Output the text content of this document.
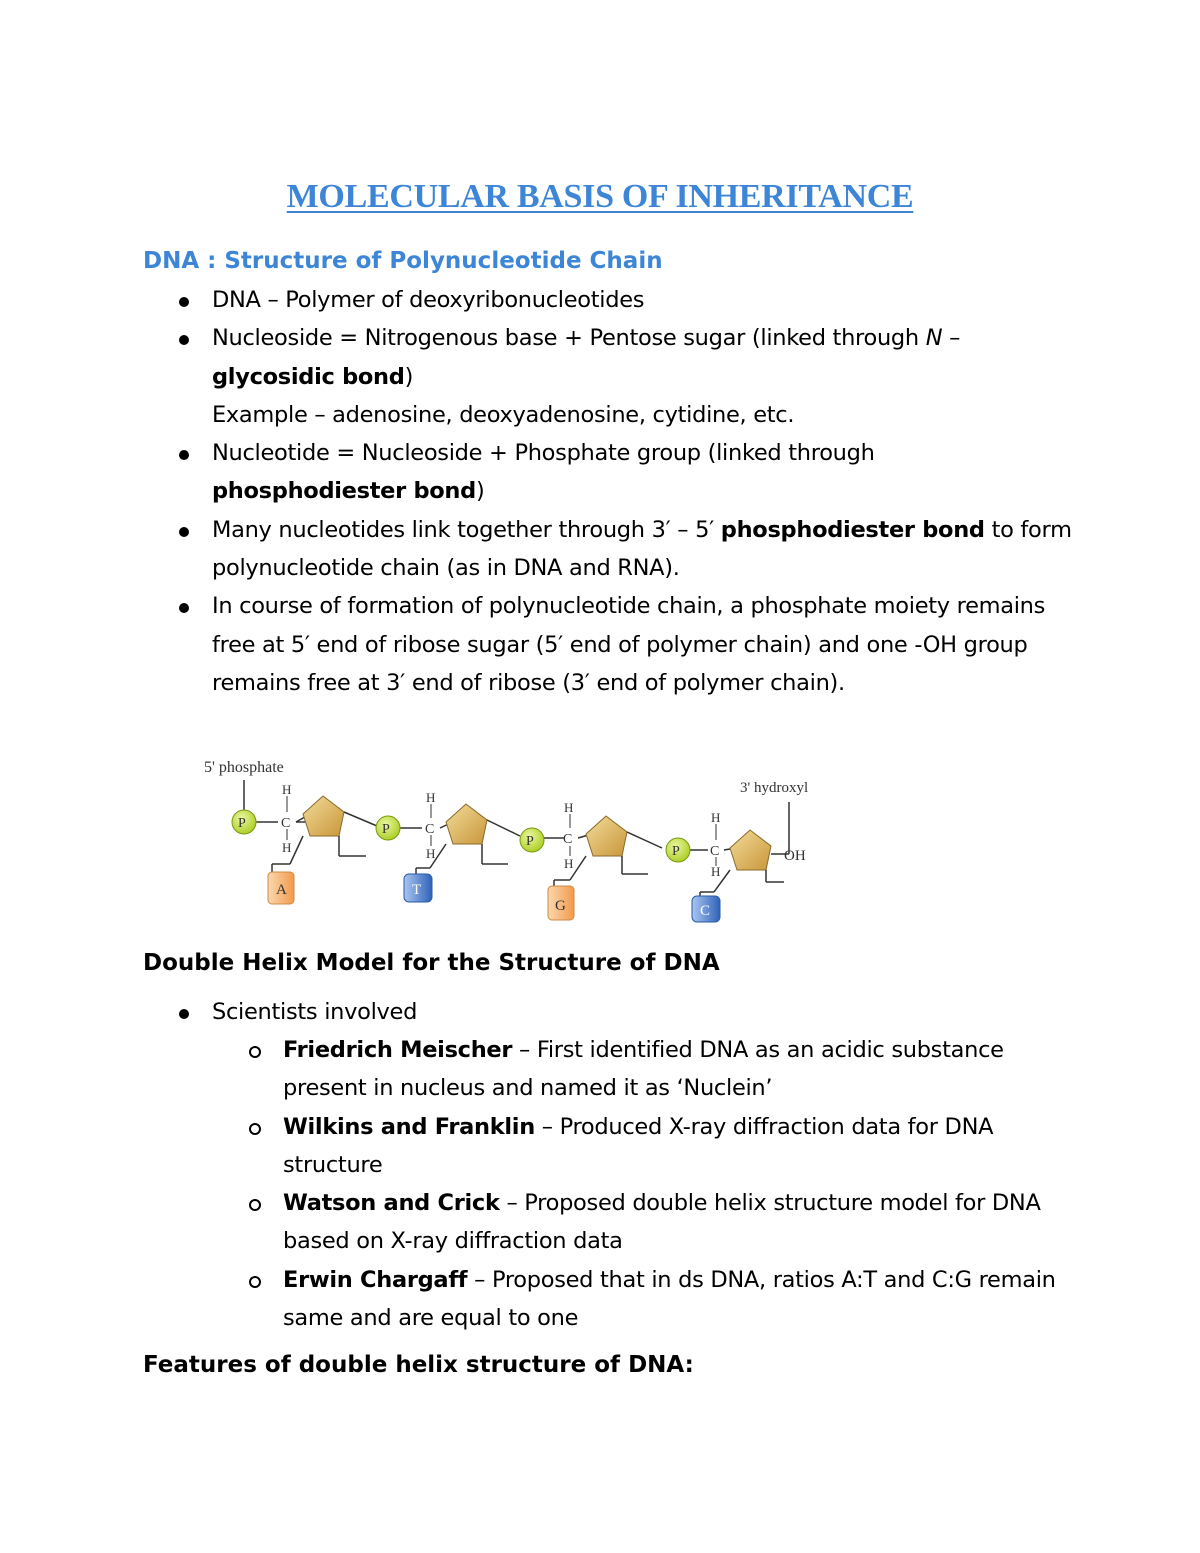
MOLECULAR BASIS OF INHERITANCE
DNA : Structure of Polynucleotide Chain
DNA – Polymer of deoxyribonucleotides
Nucleoside = Nitrogenous base + Pentose sugar (linked through N –
glycosidic bond)
Example – adenosine, deoxyadenosine, cytidine, etc.
Nucleotide = Nucleoside + Phosphate group (linked through
phosphodiester bond)
Many nucleotides link together through 3′ – 5′ phosphodiester bond to form polynucleotide chain (as in DNA and RNA).
In course of formation of polynucleotide chain, a phosphate moiety remains free at 5′ end of ribose sugar (5′ end of polymer chain) and one -OH group remains free at 3′ end of ribose (3′ end of polymer chain).
5' phosphate
3' hydroxyl
H
C
H
A
H
C
H
T
H
C
H
G
H
C
H
OH
C
P	P
P
P
Double Helix Model for the Structure of DNA
Scientists involved
Friedrich Meischer – First identified DNA as an acidic substance present in nucleus and named it as ‘Nuclein’
Wilkins and Franklin – Produced X-ray diffraction data for DNA structure
Watson and Crick – Proposed double helix structure model for DNA based on X-ray diffraction data
Erwin Chargaff – Proposed that in ds DNA, ratios A:T and C:G remain same and are equal to one
Features of double helix structure of DNA:
